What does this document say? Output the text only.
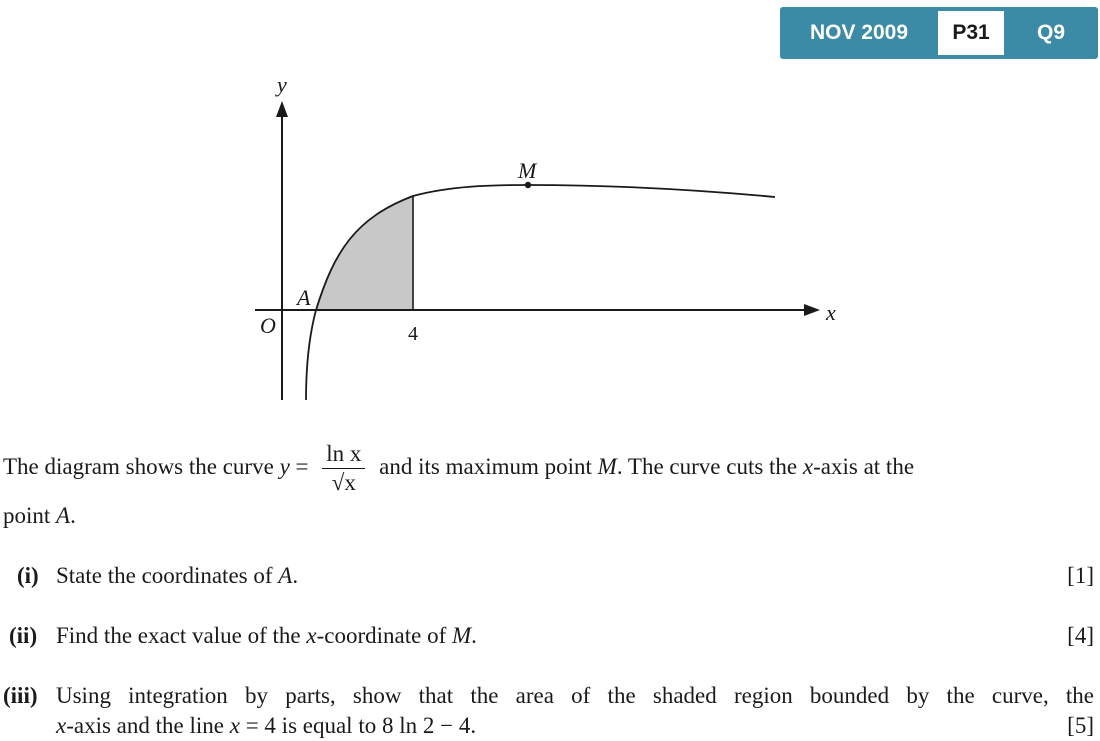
NOV 2009	P31	Q9
y
x
O
A
M
4
The diagram shows the curve $y = \frac{\text{ln x}}{√x}$ and its maximum point M. The curve cuts the x-axis at the
point A.
(i) State the coordinates of A.	[1]
(ii) Find the exact value of the x-coordinate of M.	[4]
(iii) Using integration by parts, show that the area of the shaded region bounded by the curve, the
x-axis and the line x = 4 is equal to 8 ln 2 − 4.	[5]
